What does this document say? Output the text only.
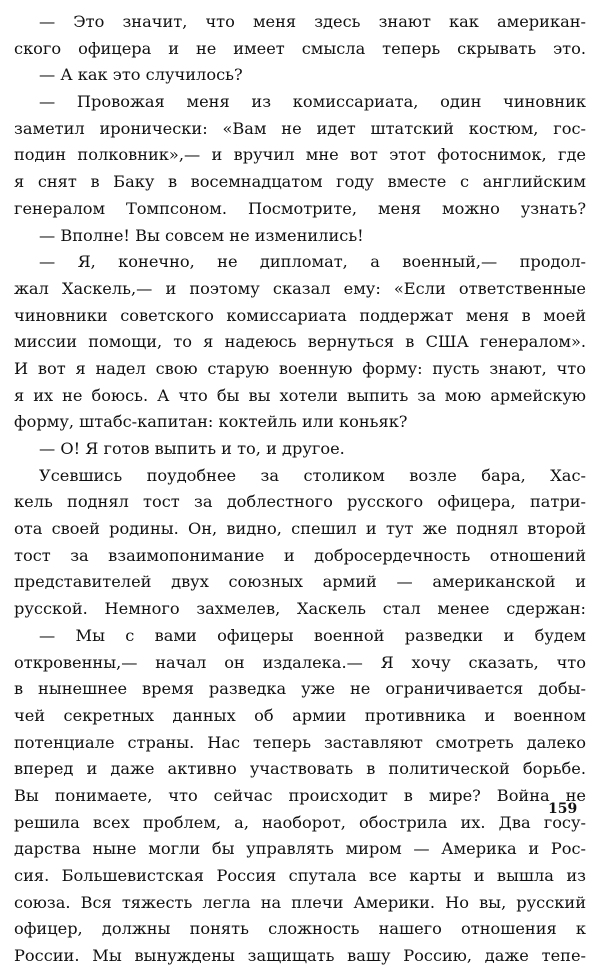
— Это значит, что меня здесь знают как американ-
ского офицера и не имеет смысла теперь скрывать это.
— А как это случилось?
— Провожая меня из комиссариата, один чиновник
заметил иронически: «Вам не идет штатский костюм, гос-
подин полковник»,— и вручил мне вот этот фотоснимок, где
я снят в Баку в восемнадцатом году вместе с английским
генералом Томпсоном. Посмотрите, меня можно узнать?
— Вполне! Вы совсем не изменились!
— Я, конечно, не дипломат, а военный,— продол-
жал Хаскель,— и поэтому сказал ему: «Если ответственные
чиновники советского комиссариата поддержат меня в моей
миссии помощи, то я надеюсь вернуться в США генералом».
И вот я надел свою старую военную форму: пусть знают, что
я их не боюсь. А что бы вы хотели выпить за мою армейскую
форму, штабс-капитан: коктейль или коньяк?
— О! Я готов выпить и то, и другое.
Усевшись поудобнее за столиком возле бара, Хас-
кель поднял тост за доблестного русского офицера, патри-
ота своей родины. Он, видно, спешил и тут же поднял второй
тост за взаимопонимание и добросердечность отношений
представителей двух союзных армий — американской и
русской. Немного захмелев, Хаскель стал менее сдержан:
— Мы с вами офицеры военной разведки и будем
откровенны,— начал он издалека.— Я хочу сказать, что
в нынешнее время разведка уже не ограничивается добы-
чей секретных данных об армии противника и военном
потенциале страны. Нас теперь заставляют смотреть далеко
вперед и даже активно участвовать в политической борьбе.
Вы понимаете, что сейчас происходит в мире? Война не
решила всех проблем, а, наоборот, обострила их. Два госу-
дарства ныне могли бы управлять миром — Америка и Рос-
сия. Большевистская Россия спутала все карты и вышла из
союза. Вся тяжесть легла на плечи Америки. Но вы, русский
офицер, должны понять сложность нашего отношения к
России. Мы вынуждены защищать вашу Россию, даже тепе-
159
